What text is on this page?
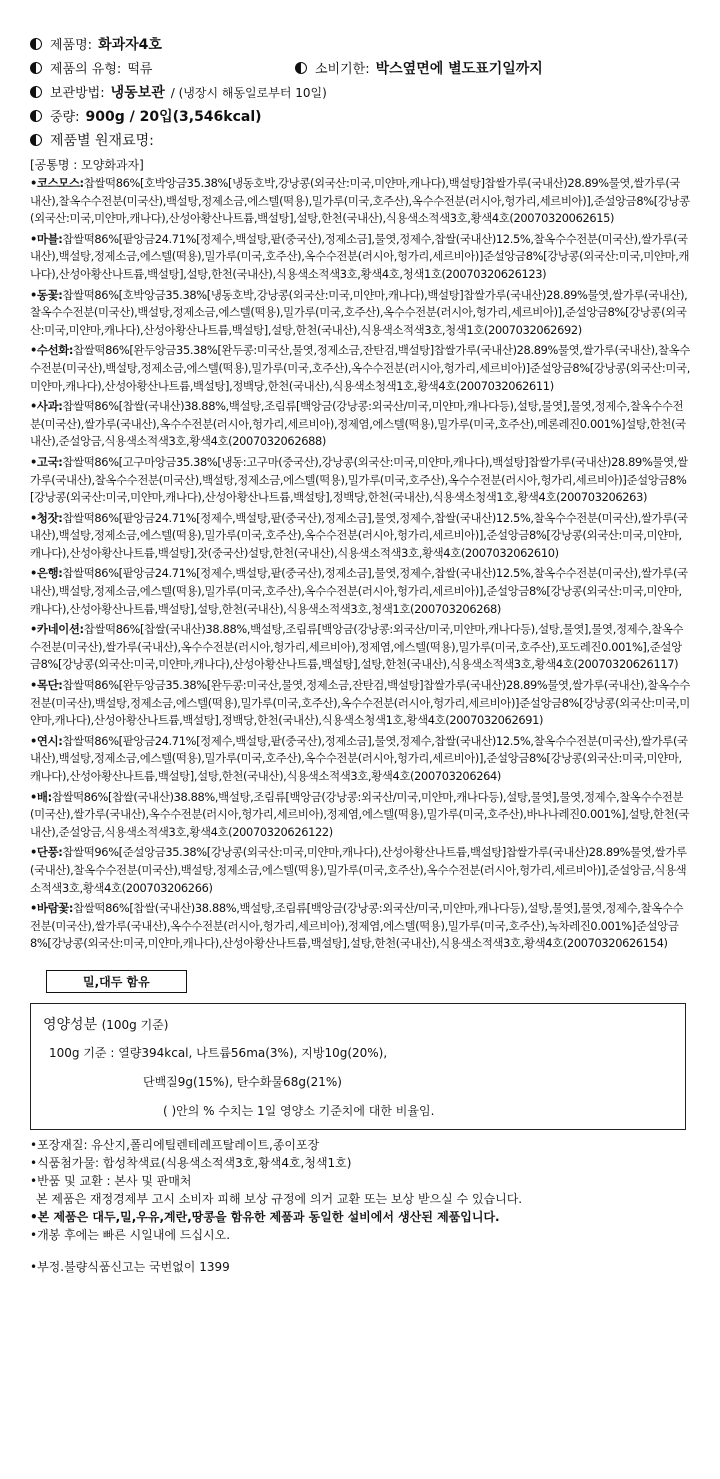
제품명: 화과자4호
제품의 유형: 떡류	소비기한: 박스옆면에 별도표기일까지
보관방법: 냉동보관 / (냉장시 해동일로부터 10일)
중량: 900g / 20입(3,546kcal)
제품별 원재료명:
[공통명 : 모양화과자]

•코스모스:찹쌀떡86%[호박앙금35.38%[냉동호박,강낭콩(외국산:미국,미얀마,캐나다),백설탕]찹쌀가루(국내산)28.89%물엿,쌀가루(국내산),찰옥수수전분(미국산),백설탕,정제소금,에스텔(떡용),밀가루(미국,호주산),옥수수전분(러시아,헝가리,세르비아)],준설앙금8%[강낭콩(외국산:미국,미얀마,캐나다),산성아황산나트륨,백설탕],설탕,한천(국내산),식용색소적색3호,황색4호(20070320062615)

•마블:찹쌀떡86%[팥앙금24.71%[정제수,백설탕,팥(중국산),정제소금],물엿,정제수,찹쌀(국내산)12.5%,찰옥수수전분(미국산),쌀가루(국내산),백설탕,정제소금,에스텔(떡용),밀가루(미국,호주산),옥수수전분(러시아,헝가리,세르비아)]준설앙금8%[강낭콩(외국산:미국,미얀마,캐나다),산성아황산나트륨,백설탕],설탕,한천(국내산),식용색소적색3호,황색4호,청색1호(20070320626123)

•동꽃:찹쌀떡86%[호박앙금35.38%[냉동호박,강낭콩(외국산:미국,미얀마,캐나다),백설탕]찹쌀가루(국내산)28.89%물엿,쌀가루(국내산),찰옥수수전분(미국산),백설탕,정제소금,에스텔(떡용),밀가루(미국,호주산),옥수수전분(러시아,헝가리,세르비아)],준설앙금8%[강낭콩(외국산:미국,미얀마,캐나다),산성아황산나트륨,백설탕],설탕,한천(국내산),식용색소적색3호,청색1호(2007032062692)

•수선화:찹쌀떡86%[완두앙금35.38%[완두콩:미국산,물엿,정제소금,잔탄검,백설탕]찹쌀가루(국내산)28.89%물엿,쌀가루(국내산),찰옥수수전분(미국산),백설탕,정제소금,에스텔(떡용),밀가루(미국,호주산),옥수수전분(러시아,헝가리,세르비아)]준설앙금8%[강낭콩(외국산:미국,미얀마,캐나다),산성아황산나트륨,백설탕],정백당,한천(국내산),식용색소청색1호,황색4호(2007032062611)

•사과:찹쌀떡86%[찹쌀(국내산)38.88%,백설탕,조림류[백앙금(강낭콩:외국산/미국,미얀마,캐나다등),설탕,물엿],물엿,정제수,찰옥수수전분(미국산),쌀가루(국내산),옥수수전분(러시아,헝가리,세르비아),정제염,에스텔(떡용),밀가루(미국,호주산),메론레진0.001%]설탕,한천(국내산),준설앙금,식용색소적색3호,황색4호(2007032062688)

•고국:찹쌀떡86%[고구마앙금35.38%[냉동:고구마(중국산),강낭콩(외국산:미국,미얀마,캐나다),백설탕]찹쌀가루(국내산)28.89%물엿,쌀가루(국내산),찰옥수수전분(미국산),백설탕,정제소금,에스텔(떡용),밀가루(미국,호주산),옥수수전분(러시아,헝가리,세르비아)]준설앙금8%[강낭콩(외국산:미국,미얀마,캐나다),산성아황산나트륨,백설탕],정백당,한천(국내산),식용색소청색1호,황색4호(200703206263)

•청잣:찹쌀떡86%[팥앙금24.71%[정제수,백설탕,팥(중국산),정제소금],물엿,정제수,찹쌀(국내산)12.5%,찰옥수수전분(미국산),쌀가루(국내산),백설탕,정제소금,에스텔(떡용),밀가루(미국,호주산),옥수수전분(러시아,헝가리,세르비아)],준설앙금8%[강낭콩(외국산:미국,미얀마,캐나다),산성아황산나트륨,백설탕],잣(중국산)설탕,한천(국내산),식용색소적색3호,황색4호(2007032062610)

•은행:찹쌀떡86%[팥앙금24.71%[정제수,백설탕,팥(중국산),정제소금],물엿,정제수,찹쌀(국내산)12.5%,찰옥수수전분(미국산),쌀가루(국내산),백설탕,정제소금,에스텔(떡용),밀가루(미국,호주산),옥수수전분(러시아,헝가리,세르비아)],준설앙금8%[강낭콩(외국산:미국,미얀마,캐나다),산성아황산나트륨,백설탕],설탕,한천(국내산),식용색소적색3호,청색1호(200703206268)

•카네이션:찹쌀떡86%[찹쌀(국내산)38.88%,백설탕,조림류[백앙금(강낭콩:외국산/미국,미얀마,캐나다등),설탕,물엿],물엿,정제수,찰옥수수전분(미국산),쌀가루(국내산),옥수수전분(러시아,헝가리,세르비아),정제염,에스텔(떡용),밀가루(미국,호주산),포도레진0.001%],준설앙금8%[강낭콩(외국산:미국,미얀마,캐나다),산성아황산나트륨,백설탕],설탕,한천(국내산),식용색소적색3호,황색4호(20070320626117)

•목단:찹쌀떡86%[완두앙금35.38%[완두콩:미국산,물엿,정제소금,잔탄검,백설탕]찹쌀가루(국내산)28.89%물엿,쌀가루(국내산),찰옥수수전분(미국산),백설탕,정제소금,에스텔(떡용),밀가루(미국,호주산),옥수수전분(러시아,헝가리,세르비아)]준설앙금8%[강낭콩(외국산:미국,미얀마,캐나다),산성아황산나트륨,백설탕],정백당,한천(국내산),식용색소청색1호,황색4호(2007032062691)

•연시:찹쌀떡86%[팥앙금24.71%[정제수,백설탕,팥(중국산),정제소금],물엿,정제수,찹쌀(국내산)12.5%,찰옥수수전분(미국산),쌀가루(국내산),백설탕,정제소금,에스텔(떡용),밀가루(미국,호주산),옥수수전분(러시아,헝가리,세르비아)],준설앙금8%[강낭콩(외국산:미국,미얀마,캐나다),산성아황산나트륨,백설탕],설탕,한천(국내산),식용색소적색3호,황색4호(200703206264)

•배:찹쌀떡86%[찹쌀(국내산)38.88%,백설탕,조림류[백앙금(강낭콩:외국산/미국,미얀마,캐나다등),설탕,물엿],물엿,정제수,찰옥수수전분(미국산),쌀가루(국내산),옥수수전분(러시아,헝가리,세르비아),정제염,에스텔(떡용),밀가루(미국,호주산),바나나레진0.001%],설탕,한천(국내산),준설앙금,식용색소적색3호,황색4호(20070320626122)

•단풍:찹쌀떡96%[준설앙금35.38%[강낭콩(외국산:미국,미얀마,캐나다),산성아황산나트륨,백설탕]찹쌀가루(국내산)28.89%물엿,쌀가루(국내산),찰옥수수전분(미국산),백설탕,정제소금,에스텔(떡용),밀가루(미국,호주산),옥수수전분(러시아,헝가리,세르비아)],준설앙금,식용색소적색3호,황색4호(200703206266)

•바람꽃:찹쌀떡86%[찹쌀(국내산)38.88%,백설탕,조림류[백앙금(강낭콩:외국산/미국,미얀마,캐나다등),설탕,물엿],물엿,정제수,찰옥수수전분(미국산),쌀가루(국내산),옥수수전분(러시아,헝가리,세르비아),정제염,에스텔(떡용),밀가루(미국,호주산),녹차레진0.001%]준설앙금8%[강낭콩(외국산:미국,미얀마,캐나다),산성아황산나트륨,백설탕],설탕,한천(국내산),식용색소적색3호,황색4호(20070320626154)

밀,대두 함유
영양성분 (100g 기준)
100g 기준 : 열량394kcal, 나트륨56ma(3%), 지방10g(20%),
단백질9g(15%), 탄수화물68g(21%)
( )안의 % 수치는 1일 영양소 기준치에 대한 비율임.
•포장재질: 유산지,폴리에틸렌테레프탈레이트,종이포장
•식품첨가물: 합성착색료(식용색소적색3호,황색4호,청색1호)
•반품 및 교환 : 본사 및 판매처
본 제품은 재정경제부 고시 소비자 피해 보상 규정에 의거 교환 또는 보상 받으실 수 있습니다.
•본 제품은 대두,밀,우유,계란,땅콩을 함유한 제품과 동일한 설비에서 생산된 제품입니다.
•개봉 후에는 빠른 시일내에 드십시오.
•부정.불량식품신고는 국번없이 1399
